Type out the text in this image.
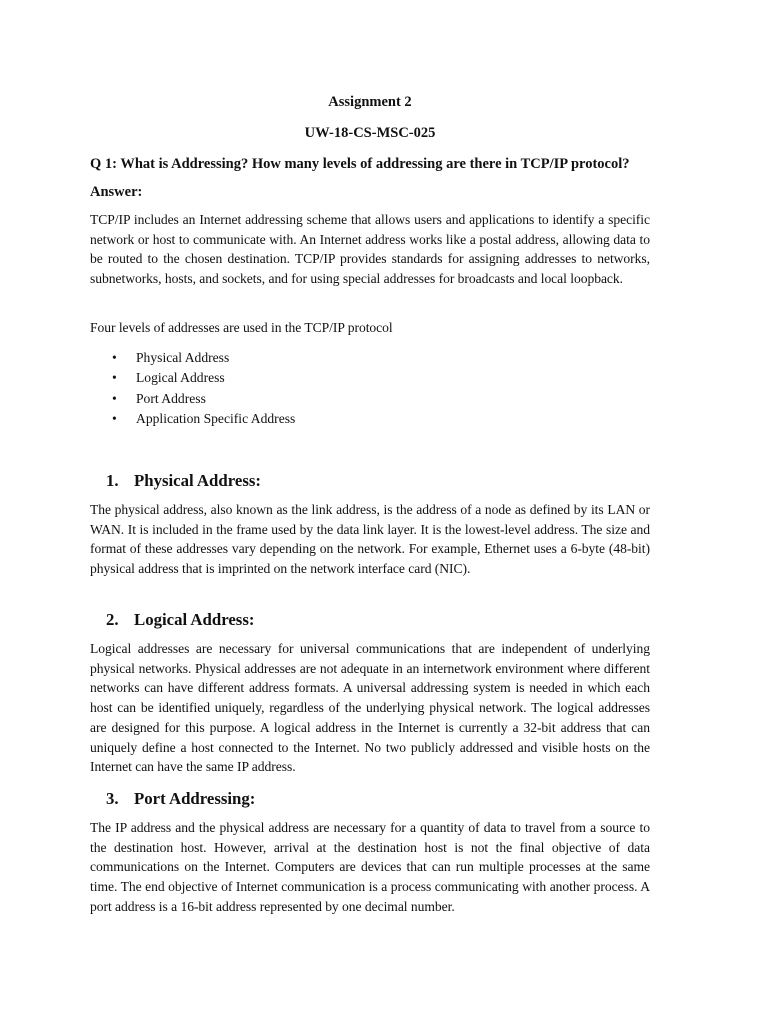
Assignment 2
UW-18-CS-MSC-025
Q 1: What is Addressing? How many levels of addressing are there in TCP/IP protocol?
Answer:

TCP/IP includes an Internet addressing scheme that allows users and applications to identify a specific network or host to communicate with. An Internet address works like a postal address, allowing data to be routed to the chosen destination. TCP/IP provides standards for assigning addresses to networks, subnetworks, hosts, and sockets, and for using special addresses for broadcasts and local loopback.

Four levels of addresses are used in the TCP/IP protocol

• Physical Address
• Logical Address
• Port Address
• Application Specific Address
1. Physical Address:

The physical address, also known as the link address, is the address of a node as defined by its LAN or WAN. It is included in the frame used by the data link layer. It is the lowest-level address. The size and format of these addresses vary depending on the network. For example, Ethernet uses a 6-byte (48-bit) physical address that is imprinted on the network interface card (NIC).

2. Logical Address:

Logical addresses are necessary for universal communications that are independent of underlying physical networks. Physical addresses are not adequate in an internetwork environment where different networks can have different address formats. A universal addressing system is needed in which each host can be identified uniquely, regardless of the underlying physical network. The logical addresses are designed for this purpose. A logical address in the Internet is currently a 32-bit address that can uniquely define a host connected to the Internet. No two publicly addressed and visible hosts on the Internet can have the same IP address.

3. Port Addressing:

The IP address and the physical address are necessary for a quantity of data to travel from a source to the destination host. However, arrival at the destination host is not the final objective of data communications on the Internet. Computers are devices that can run multiple processes at the same time. The end objective of Internet communication is a process communicating with another process. A port address is a 16-bit address represented by one decimal number.
